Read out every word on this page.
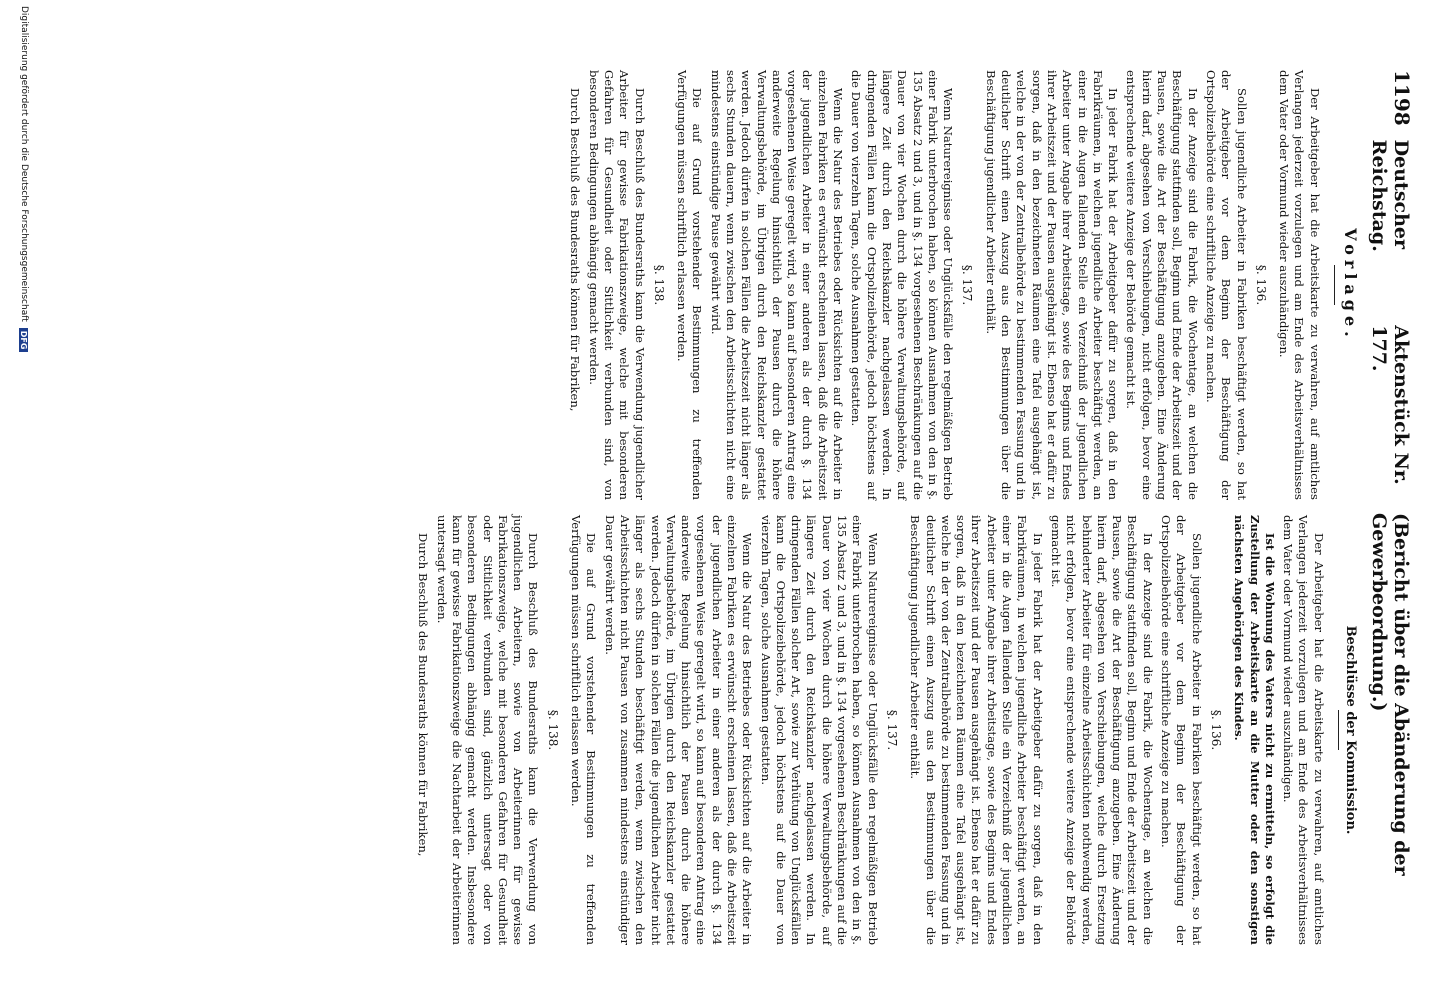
1198
Deutscher Reichstag.
Aktenstück Nr. 177.
(Bericht über die Abänderung der Gewerbeordnung.)
Vorlage.

Der Arbeitgeber hat die Arbeitskarte zu verwahren, auf amtliches Verlangen jederzeit vorzulegen und am Ende des Arbeitsverhältnisses dem Vater oder Vormund wieder auszuhändigen.

§. 136.

Sollen jugendliche Arbeiter in Fabriken beschäftigt werden, so hat der Arbeitgeber vor dem Beginn der Beschäftigung der Ortspolizeibehörde eine schriftliche Anzeige zu machen.

In der Anzeige sind die Fabrik, die Wochentage, an welchen die Beschäftigung stattfinden soll, Beginn und Ende der Arbeitszeit und der Pausen, sowie die Art der Beschäftigung anzugeben. Eine Änderung hierin darf, abgesehen von Verschiebungen, nicht erfolgen, bevor eine entsprechende weitere Anzeige der Behörde gemacht ist.

In jeder Fabrik hat der Arbeitgeber dafür zu sorgen, daß in den Fabrikräumen, in welchen jugendliche Arbeiter beschäftigt werden, an einer in die Augen fallenden Stelle ein Verzeichniß der jugendlichen Arbeiter unter Angabe ihrer Arbeitstage, sowie des Beginns und Endes ihrer Arbeitszeit und der Pausen ausgehängt ist. Ebenso hat er dafür zu sorgen, daß in den bezeichneten Räumen eine Tafel ausgehängt ist, welche in der von der Zentralbehörde zu bestimmenden Fassung und in deutlicher Schrift einen Auszug aus den Bestimmungen über die Beschäftigung jugendlicher Arbeiter enthält.

§. 137.

Wenn Naturereignisse oder Unglücksfälle den regelmäßigen Betrieb einer Fabrik unterbrochen haben, so können Ausnahmen von den in §. 135 Absatz 2 und 3, und in §. 134 vorgesehenen Beschränkungen auf die Dauer von vier Wochen durch die höhere Verwaltungsbehörde, auf längere Zeit durch den Reichskanzler nachgelassen werden. In dringenden Fällen kann die Ortspolizeibehörde, jedoch höchstens auf die Dauer von vierzehn Tagen, solche Ausnahmen gestatten.

Wenn die Natur des Betriebes oder Rücksichten auf die Arbeiter in einzelnen Fabriken es erwünscht erscheinen lassen, daß die Arbeitszeit der jugendlichen Arbeiter in einer anderen als der durch §. 134 vorgesehenen Weise geregelt wird, so kann auf besonderen Antrag eine anderweite Regelung hinsichtlich der Pausen durch die höhere Verwaltungsbehörde, im Übrigen durch den Reichskanzler gestattet werden. Jedoch dürfen in solchen Fällen die Arbeitszeit nicht länger als sechs Stunden dauern, wenn zwischen den Arbeitsschichten nicht eine mindestens einstündige Pause gewährt wird.

Die auf Grund vorstehender Bestimmungen zu treffenden Verfügungen müssen schriftlich erlassen werden.

§. 138.

Durch Beschluß des Bundesraths kann die Verwendung jugendlicher Arbeiter für gewisse Fabrikationszweige, welche mit besonderen Gefahren für Gesundheit oder Sittlichkeit verbunden sind, von besonderen Bedingungen abhängig gemacht werden.

Durch Beschluß des Bundesraths können für Fabriken,

Beschlüsse der Kommission.

Der Arbeitgeber hat die Arbeitskarte zu verwahren, auf amtliches Verlangen jederzeit vorzulegen und am Ende des Arbeitsverhältnisses dem Vater oder Vormund wieder auszuhändigen.

Ist die Wohnung des Vaters nicht zu ermitteln, so erfolgt die Zustellung der Arbeitskarte an die Mutter oder den sonstigen nächsten Angehörigen des Kindes.

§. 136.

Sollen jugendliche Arbeiter in Fabriken beschäftigt werden, so hat der Arbeitgeber vor dem Beginn der Beschäftigung der Ortspolizeibehörde eine schriftliche Anzeige zu machen.

In der Anzeige sind die Fabrik, die Wochentage, an welchen die Beschäftigung stattfinden soll, Beginn und Ende der Arbeitszeit und der Pausen, sowie die Art der Beschäftigung anzugeben. Eine Änderung hierin darf, abgesehen von Verschiebungen, welche durch Ersetzung behinderter Arbeiter für einzelne Arbeitsschichten nothwendig werden, nicht erfolgen, bevor eine entsprechende weitere Anzeige der Behörde gemacht ist.

In jeder Fabrik hat der Arbeitgeber dafür zu sorgen, daß in den Fabrikräumen, in welchen jugendliche Arbeiter beschäftigt werden, an einer in die Augen fallenden Stelle ein Verzeichniß der jugendlichen Arbeiter unter Angabe ihrer Arbeitstage, sowie des Beginns und Endes ihrer Arbeitszeit und der Pausen ausgehängt ist. Ebenso hat er dafür zu sorgen, daß in den bezeichneten Räumen eine Tafel ausgehängt ist, welche in der von der Zentralbehörde zu bestimmenden Fassung und in deutlicher Schrift einen Auszug aus den Bestimmungen über die Beschäftigung jugendlicher Arbeiter enthält.

§. 137.

Wenn Naturereignisse oder Unglücksfälle den regelmäßigen Betrieb einer Fabrik unterbrochen haben, so können Ausnahmen von den in §. 135 Absatz 2 und 3, und in §. 134 vorgesehenen Beschränkungen auf die Dauer von vier Wochen durch die höhere Verwaltungsbehörde, auf längere Zeit durch den Reichskanzler nachgelassen werden. In dringenden Fällen solcher Art, sowie zur Verhütung von Unglücksfällen kann die Ortspolizeibehörde, jedoch höchstens auf die Dauer von vierzehn Tagen, solche Ausnahmen gestatten.

Wenn die Natur des Betriebes oder Rücksichten auf die Arbeiter in einzelnen Fabriken es erwünscht erscheinen lassen, daß die Arbeitszeit der jugendlichen Arbeiter in einer anderen als der durch §. 134 vorgesehenen Weise geregelt wird, so kann auf besonderen Antrag eine anderweite Regelung hinsichtlich der Pausen durch die höhere Verwaltungsbehörde, im Übrigen durch den Reichskanzler gestattet werden. Jedoch dürfen in solchen Fällen die jugendlichen Arbeiter nicht länger als sechs Stunden beschäftigt werden, wenn zwischen den Arbeitsschichten nicht Pausen von zusammen mindestens einstündiger Dauer gewährt werden.

Die auf Grund vorstehender Bestimmungen zu treffenden Verfügungen müssen schriftlich erlassen werden.

§. 138.

Durch Beschluß des Bundesraths kann die Verwendung von jugendlichen Arbeitern, sowie von Arbeiterinnen für gewisse Fabrikationszweige, welche mit besonderen Gefahren für Gesundheit oder Sittlichkeit verbunden sind, gänzlich untersagt oder von besonderen Bedingungen abhängig gemacht werden. Insbesondere kann für gewisse Fabrikationszweige die Nachtarbeit der Arbeiterinnen untersagt werden.

Durch Beschluß des Bundesraths können für Fabriken,

Digitalisierung gefördert durch die Deutsche Forschungsgemeinschaft
DFG
